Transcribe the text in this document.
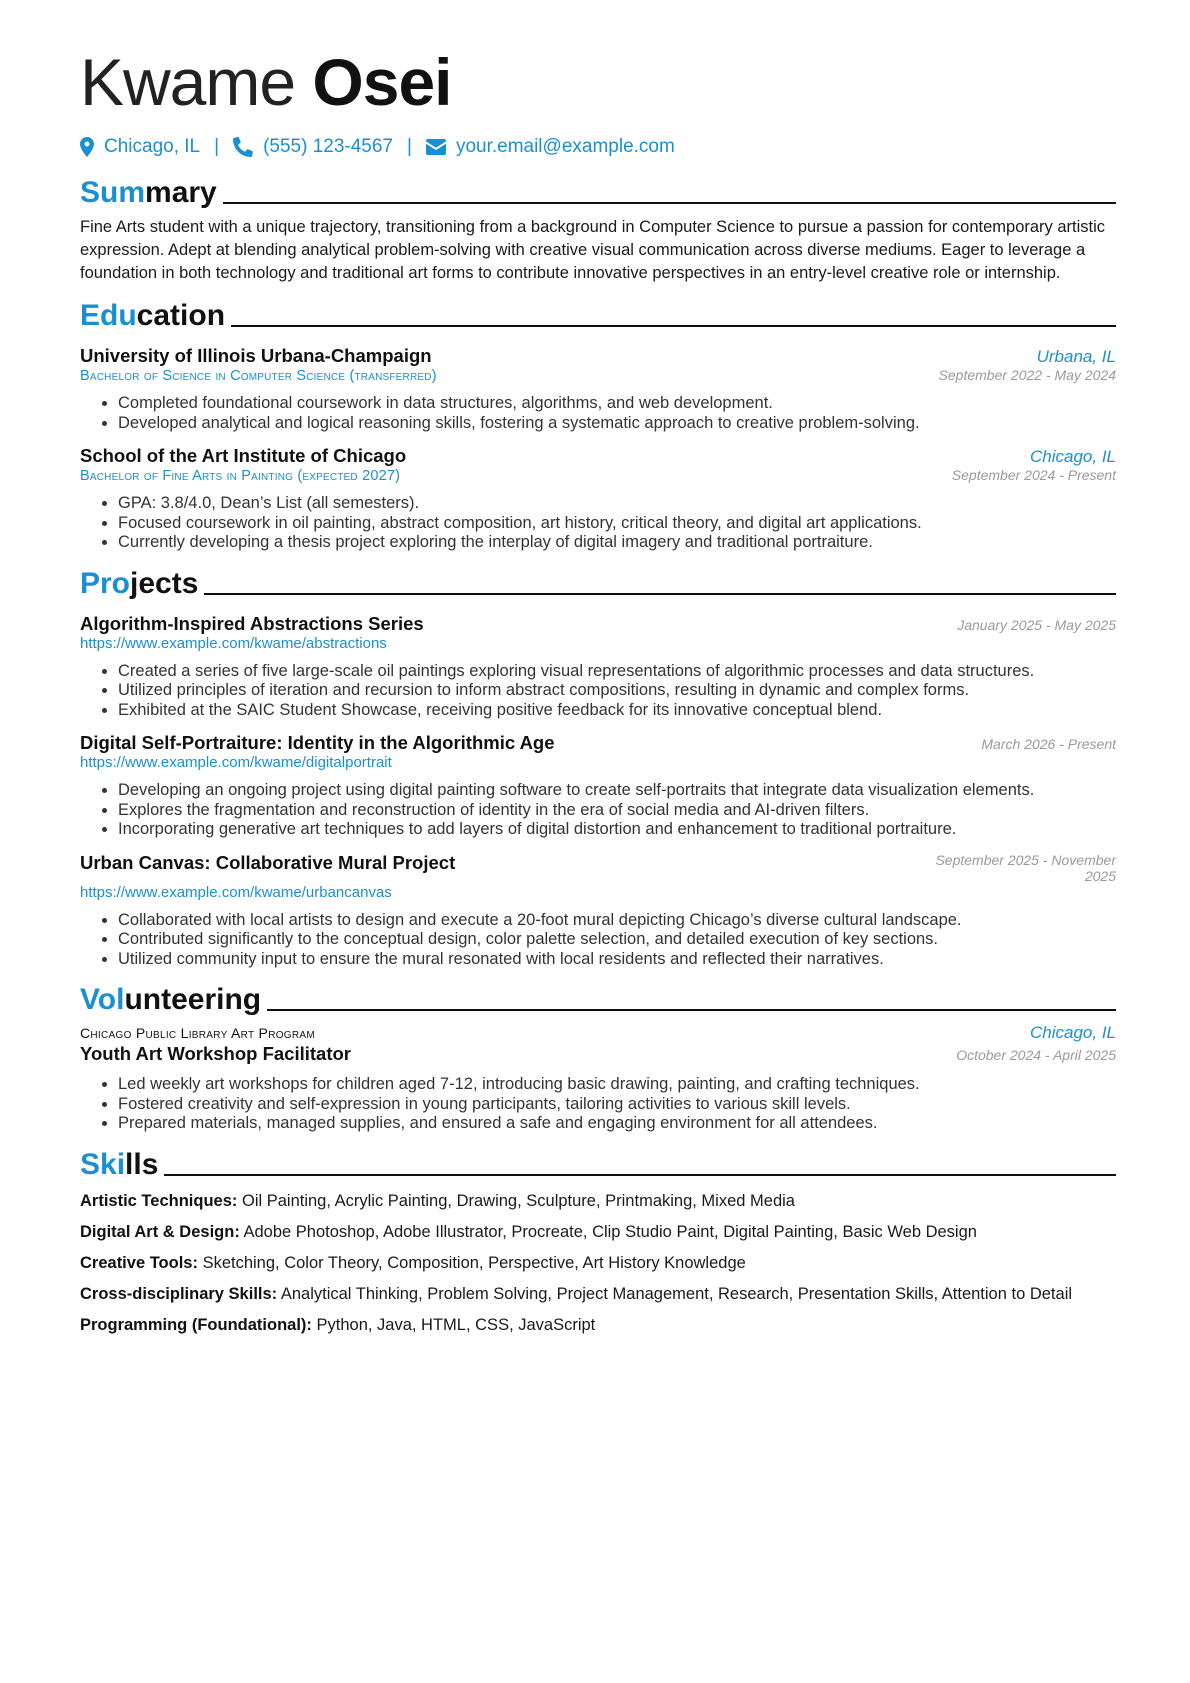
Kwame Osei
Chicago, IL | (555) 123-4567 | your.email@example.com
Summary

Fine Arts student with a unique trajectory, transitioning from a background in Computer Science to pursue a passion for contemporary artistic expression. Adept at blending analytical problem-solving with creative visual communication across diverse mediums. Eager to leverage a foundation in both technology and traditional art forms to contribute innovative perspectives in an entry-level creative role or internship.

Education
University of Illinois Urbana-Champaign	Urbana, IL
Bachelor of Science in Computer Science (transferred)	September 2022 - May 2024
• Completed foundational coursework in data structures, algorithms, and web development.
• Developed analytical and logical reasoning skills, fostering a systematic approach to creative problem-solving.
School of the Art Institute of Chicago	Chicago, IL
Bachelor of Fine Arts in Painting (expected 2027)	September 2024 - Present
• GPA: 3.8/4.0, Dean’s List (all semesters).
• Focused coursework in oil painting, abstract composition, art history, critical theory, and digital art applications.
• Currently developing a thesis project exploring the interplay of digital imagery and traditional portraiture.
Projects
Algorithm-Inspired Abstractions Series	January 2025 - May 2025
https://www.example.com/kwame/abstractions
• Created a series of five large-scale oil paintings exploring visual representations of algorithmic processes and data structures.
• Utilized principles of iteration and recursion to inform abstract compositions, resulting in dynamic and complex forms.
• Exhibited at the SAIC Student Showcase, receiving positive feedback for its innovative conceptual blend.
Digital Self-Portraiture: Identity in the Algorithmic Age	March 2026 - Present
https://www.example.com/kwame/digitalportrait
• Developing an ongoing project using digital painting software to create self-portraits that integrate data visualization elements.
• Explores the fragmentation and reconstruction of identity in the era of social media and AI-driven filters.
• Incorporating generative art techniques to add layers of digital distortion and enhancement to traditional portraiture.
Urban Canvas: Collaborative Mural Project	September 2025 - November
2025
https://www.example.com/kwame/urbancanvas
• Collaborated with local artists to design and execute a 20-foot mural depicting Chicago’s diverse cultural landscape.
• Contributed significantly to the conceptual design, color palette selection, and detailed execution of key sections.
• Utilized community input to ensure the mural resonated with local residents and reflected their narratives.
Volunteering
Chicago Public Library Art Program	Chicago, IL
Youth Art Workshop Facilitator	October 2024 - April 2025
• Led weekly art workshops for children aged 7-12, introducing basic drawing, painting, and crafting techniques.
• Fostered creativity and self-expression in young participants, tailoring activities to various skill levels.
• Prepared materials, managed supplies, and ensured a safe and engaging environment for all attendees.
Skills
Artistic Techniques: Oil Painting, Acrylic Painting, Drawing, Sculpture, Printmaking, Mixed Media
Digital Art & Design: Adobe Photoshop, Adobe Illustrator, Procreate, Clip Studio Paint, Digital Painting, Basic Web Design
Creative Tools: Sketching, Color Theory, Composition, Perspective, Art History Knowledge
Cross-disciplinary Skills: Analytical Thinking, Problem Solving, Project Management, Research, Presentation Skills, Attention to Detail
Programming (Foundational): Python, Java, HTML, CSS, JavaScript
